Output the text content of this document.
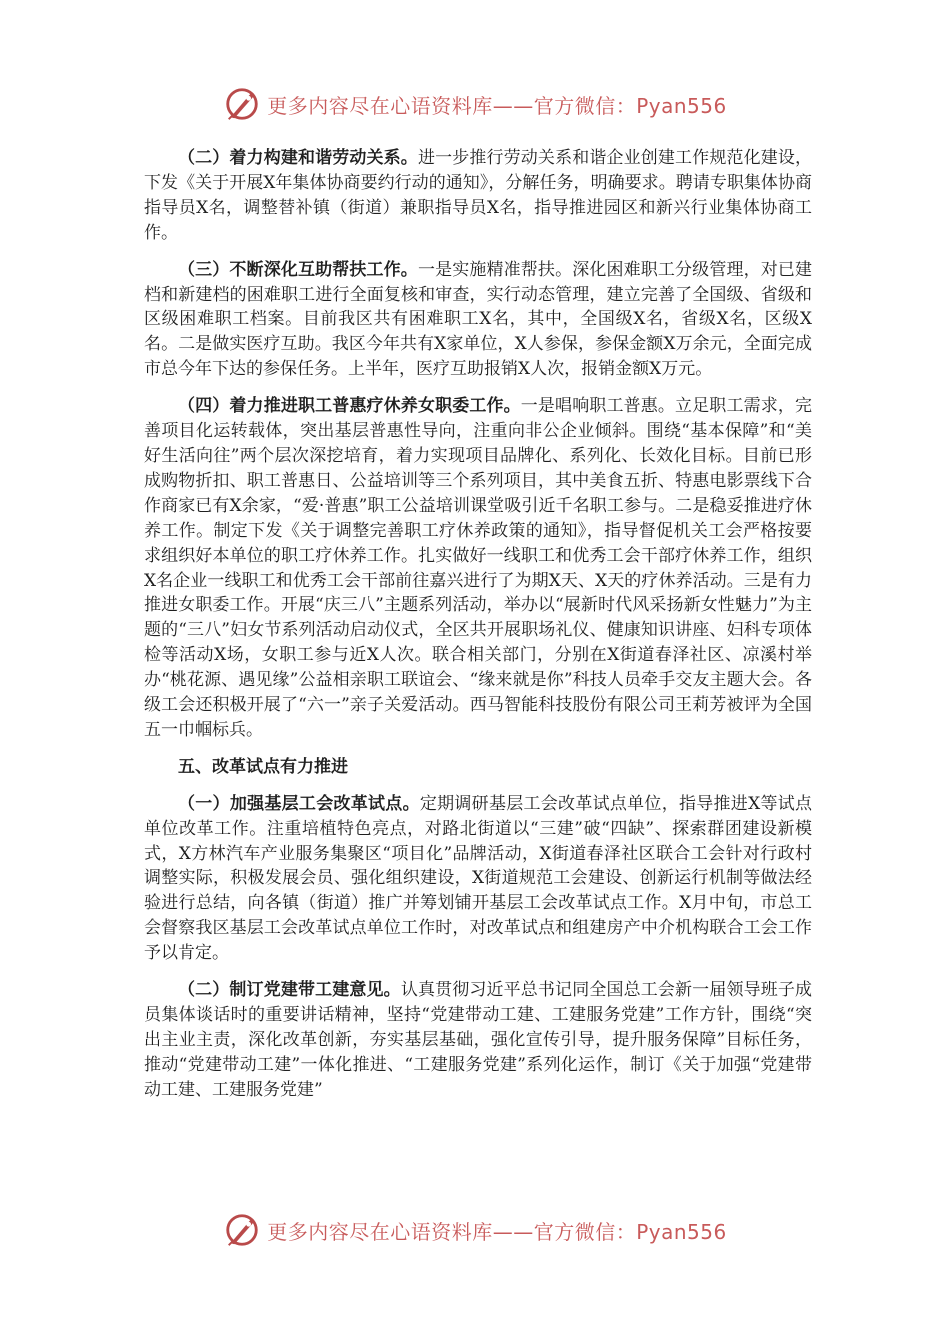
更多内容尽在心语资料库——官方微信：Pyan556

（二）着力构建和谐劳动关系。进一步推行劳动关系和谐企业创建工作规范化建设，下发《关于开展X年集体协商要约行动的通知》，分解任务，明确要求。聘请专职集体协商指导员X名，调整替补镇（街道）兼职指导员X名，指导推进园区和新兴行业集体协商工作。

（三）不断深化互助帮扶工作。一是实施精准帮扶。深化困难职工分级管理，对已建档和新建档的困难职工进行全面复核和审查，实行动态管理，建立完善了全国级、省级和区级困难职工档案。目前我区共有困难职工X名，其中，全国级X名，省级X名，区级X名。二是做实医疗互助。我区今年共有X家单位，X人参保，参保金额X万余元，全面完成市总今年下达的参保任务。上半年，医疗互助报销X人次，报销金额X万元。

（四）着力推进职工普惠疗休养女职委工作。一是唱响职工普惠。立足职工需求，完善项目化运转载体，突出基层普惠性导向，注重向非公企业倾斜。围绕“基本保障”和“美好生活向往”两个层次深挖培育，着力实现项目品牌化、系列化、长效化目标。目前已形成购物折扣、职工普惠日、公益培训等三个系列项目，其中美食五折、特惠电影票线下合作商家已有X余家，“爱·普惠”职工公益培训课堂吸引近千名职工参与。二是稳妥推进疗休养工作。制定下发《关于调整完善职工疗休养政策的通知》，指导督促机关工会严格按要求组织好本单位的职工疗休养工作。扎实做好一线职工和优秀工会干部疗休养工作，组织X名企业一线职工和优秀工会干部前往嘉兴进行了为期X天、X天的疗休养活动。三是有力推进女职委工作。开展“庆三八”主题系列活动，举办以“展新时代风采扬新女性魅力”为主题的“三八”妇女节系列活动启动仪式，全区共开展职场礼仪、健康知识讲座、妇科专项体检等活动X场，女职工参与近X人次。联合相关部门，分别在X街道春泽社区、凉溪村举办“桃花源、遇见缘”公益相亲职工联谊会、“缘来就是你”科技人员牵手交友主题大会。各级工会还积极开展了“六一”亲子关爱活动。西马智能科技股份有限公司王莉芳被评为全国五一巾帼标兵。

五、改革试点有力推进

（一）加强基层工会改革试点。定期调研基层工会改革试点单位，指导推进X等试点单位改革工作。注重培植特色亮点，对路北街道以“三建”破“四缺”、探索群团建设新模式，X方林汽车产业服务集聚区“项目化”品牌活动，X街道春泽社区联合工会针对行政村调整实际，积极发展会员、强化组织建设，X街道规范工会建设、创新运行机制等做法经验进行总结，向各镇（街道）推广并筹划铺开基层工会改革试点工作。X月中旬，市总工会督察我区基层工会改革试点单位工作时，对改革试点和组建房产中介机构联合工会工作予以肯定。

（二）制订党建带工建意见。认真贯彻习近平总书记同全国总工会新一届领导班子成员集体谈话时的重要讲话精神，坚持“党建带动工建、工建服务党建”工作方针，围绕“突出主业主责，深化改革创新，夯实基层基础，强化宣传引导，提升服务保障”目标任务，推动“党建带动工建”一体化推进、“工建服务党建”系列化运作，制订《关于加强“党建带动工建、工建服务党建”

更多内容尽在心语资料库——官方微信：Pyan556
